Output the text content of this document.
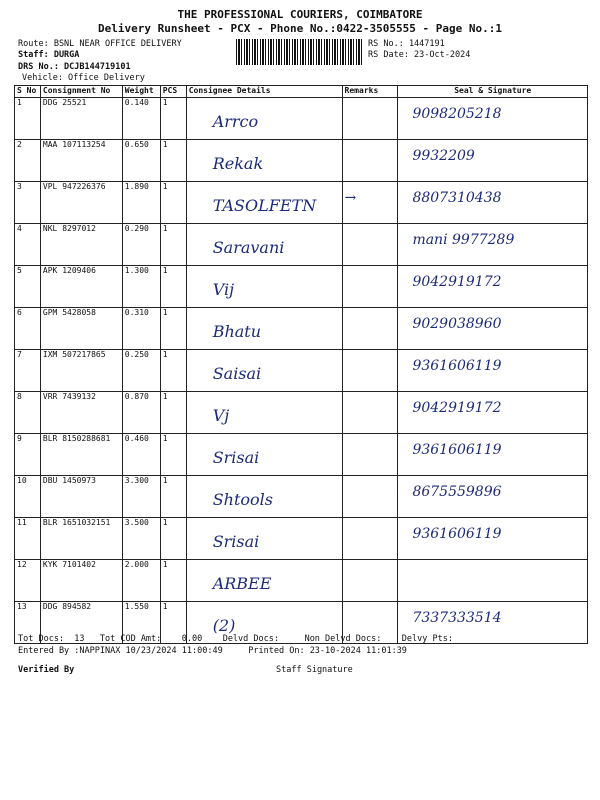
THE PROFESSIONAL COURIERS, COIMBATORE
Delivery Runsheet - PCX - Phone No.:0422-3505555 - Page No.:1
Route: BSNL NEAR OFFICE DELIVERY
Staff: DURGA
DRS No.: DCJB144719101
Vehicle: Office Delivery
RS No.: 1447191
RS Date: 23-Oct-2024
S No	Consignment No	Weight	PCS	Consignee Details	Remarks	Seal & Signature
1	DDG 25521	0.140	1	Arrco		9098205218
2	MAA 107113254	0.650	1	Rekak		9932209
3	VPL 947226376	1.890	1	TASOLFETN	→	8807310438
4	NKL 8297012	0.290	1	Saravani		mani 9977289
5	APK 1209406	1.300	1	Vij		9042919172
6	GPM 5428058	0.310	1	Bhatu		9029038960
7	IXM 507217865	0.250	1	Saisai		9361606119
8	VRR 7439132	0.870	1	Vj		9042919172
9	BLR 8150288681	0.460	1	Srisai		9361606119
10	DBU 1450973	3.300	1	Shtools		8675559896
11	BLR 1651032151	3.500	1	Srisai		9361606119
12	KYK 7101402	2.000	1	ARBEE		
13	DDG 894582	1.550	1	(2)		7337333514
Tot Docs:  13   Tot COD Amt:    0.00    Delvd Docs:     Non Delvd Docs:    Delvy Pts:
Entered By :NAPPINAX 10/23/2024 11:00:49     Printed On: 23-10-2024 11:01:39
Verified By	Staff Signature
